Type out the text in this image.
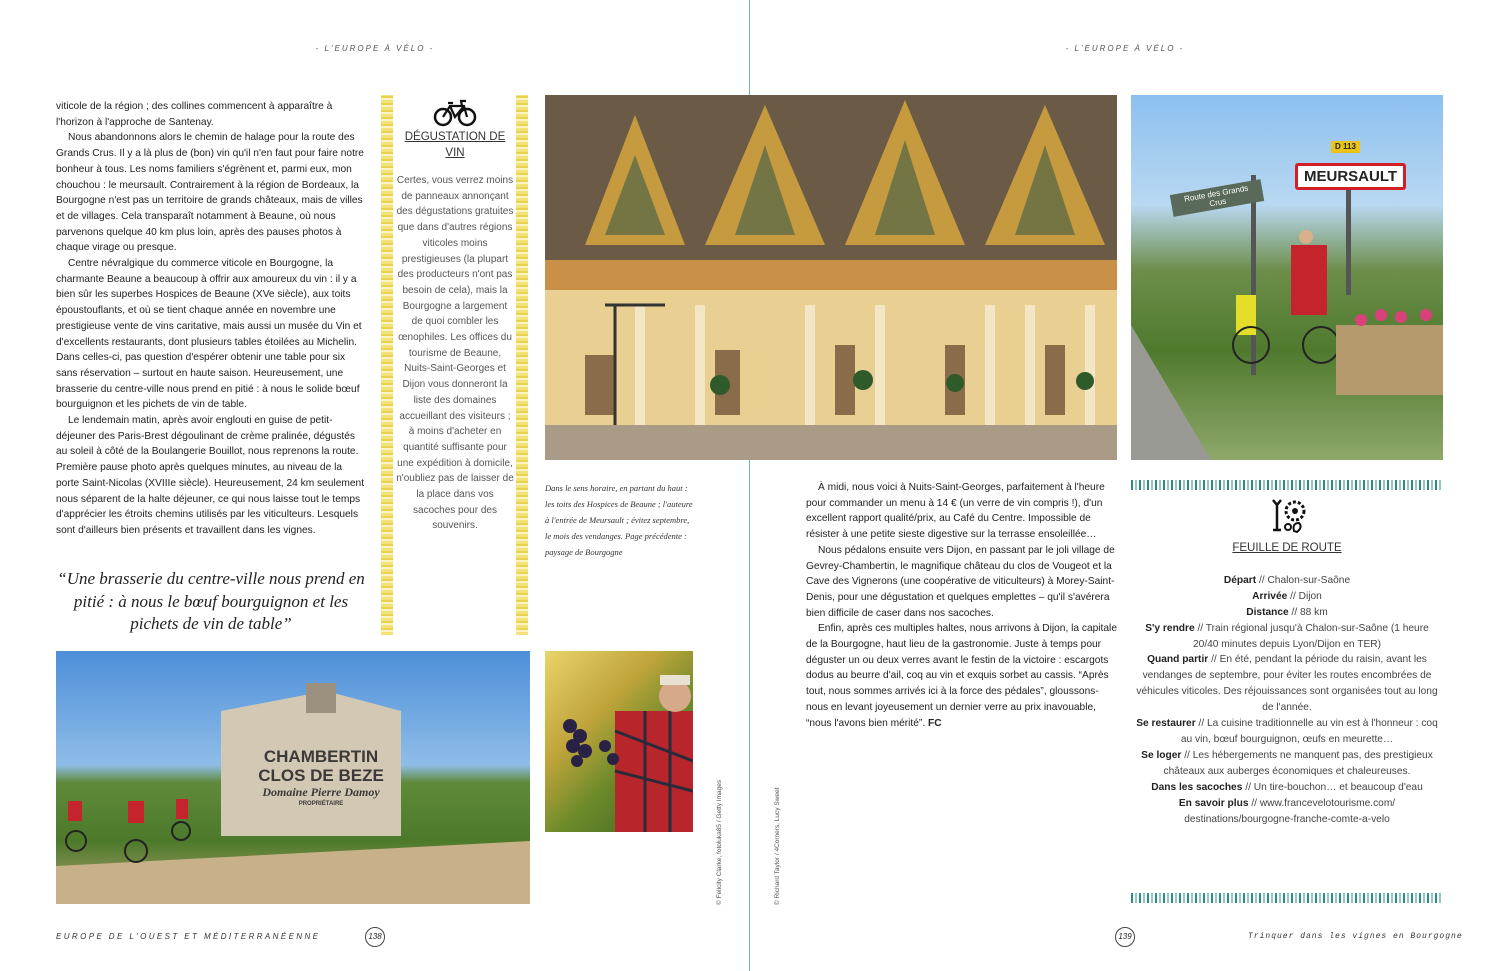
- L'EUROPE À VÉLO -	- L'EUROPE À VÉLO -

viticole de la région ; des collines commencent à apparaître à l'horizon à l'approche de Santenay.

Nous abandonnons alors le chemin de halage pour la route des Grands Crus. Il y a là plus de (bon) vin qu'il n'en faut pour faire notre bonheur à tous. Les noms familiers s'égrènent et, parmi eux, mon chouchou : le meursault. Contrairement à la région de Bordeaux, la Bourgogne n'est pas un territoire de grands châteaux, mais de villes et de villages. Cela transparaît notamment à Beaune, où nous parvenons quelque 40 km plus loin, après des pauses photos à chaque virage ou presque.

Centre névralgique du commerce viticole en Bourgogne, la charmante Beaune a beaucoup à offrir aux amoureux du vin : il y a bien sûr les superbes Hospices de Beaune (XVe siècle), aux toits époustouflants, et où se tient chaque année en novembre une prestigieuse vente de vins caritative, mais aussi un musée du Vin et d'excellents restaurants, dont plusieurs tables étoilées au Michelin. Dans celles-ci, pas question d'espérer obtenir une table pour six sans réservation – surtout en haute saison. Heureusement, une brasserie du centre-ville nous prend en pitié : à nous le solide bœuf bourguignon et les pichets de vin de table.

Le lendemain matin, après avoir englouti en guise de petit-déjeuner des Paris-Brest dégoulinant de crème pralinée, dégustés au soleil à côté de la Boulangerie Bouillot, nous reprenons la route. Première pause photo après quelques minutes, au niveau de la porte Saint-Nicolas (XVIIIe siècle). Heureusement, 24 km seulement nous séparent de la halte déjeuner, ce qui nous laisse tout le temps d'apprécier les étroits chemins utilisés par les viticulteurs. Lesquels sont d'ailleurs bien présents et travaillent dans les vignes.

“Une brasserie du centre-ville nous prend en pitié : à nous le bœuf bourguignon et les pichets de vin de table”
DÉGUSTATION DE VIN
Certes, vous verrez moins de panneaux annonçant des dégustations gratuites que dans d'autres régions viticoles moins prestigieuses (la plupart des producteurs n'ont pas besoin de cela), mais la Bourgogne a largement de quoi combler les œnophiles. Les offices du tourisme de Beaune, Nuits-Saint-Georges et Dijon vous donneront la liste des domaines accueillant des visiteurs ; à moins d'acheter en quantité suffisante pour une expédition à domicile, n'oubliez pas de laisser de la place dans vos sacoches pour des souvenirs.
MEURSAULT
D 113
Route des Grands Crus
Dans le sens horaire, en partant du haut : les toits des Hospices de Beaune ; l'auteure à l'entrée de Meursault ; évitez septembre, le mois des vendanges. Page précédente : paysage de Bourgogne
CHAMBERTIN
CLOS DE BEZE
Domaine Pierre Damoy
PROPRIÉTAIRE	© Felicity Clarke, fotoluka85 / Getty Images	© Richard Taylor / 4Corners, Lucy Sweet

À midi, nous voici à Nuits-Saint-Georges, parfaitement à l'heure pour commander un menu à 14 € (un verre de vin compris !), d'un excellent rapport qualité/prix, au Café du Centre. Impossible de résister à une petite sieste digestive sur la terrasse ensoleillée…

Nous pédalons ensuite vers Dijon, en passant par le joli village de Gevrey-Chambertin, le magnifique château du clos de Vougeot et la Cave des Vignerons (une coopérative de viticulteurs) à Morey-Saint-Denis, pour une dégustation et quelques emplettes – qu'il s'avérera bien difficile de caser dans nos sacoches.

Enfin, après ces multiples haltes, nous arrivons à Dijon, la capitale de la Bourgogne, haut lieu de la gastronomie. Juste à temps pour déguster un ou deux verres avant le festin de la victoire : escargots dodus au beurre d'ail, coq au vin et exquis sorbet au cassis. “Après tout, nous sommes arrivés ici à la force des pédales”, gloussons-nous en levant joyeusement un dernier verre au prix inavouable, “nous l'avons bien mérité”. FC

FEUILLE DE ROUTE
Départ // Chalon-sur-Saône
Arrivée // Dijon
Distance // 88 km
S'y rendre // Train régional jusqu'à Chalon-sur-Saône (1 heure 20/40 minutes depuis Lyon/Dijon en TER)
Quand partir // En été, pendant la période du raisin, avant les vendanges de septembre, pour éviter les routes encombrées de véhicules viticoles. Des réjouissances sont organisées tout au long de l'année.
Se restaurer // La cuisine traditionnelle au vin est à l'honneur : coq au vin, bœuf bourguignon, œufs en meurette…
Se loger // Les hébergements ne manquent pas, des prestigieux châteaux aux auberges économiques et chaleureuses.
Dans les sacoches // Un tire-bouchon… et beaucoup d'eau
En savoir plus // www.francevelotourisme.com/ destinations/bourgogne-franche-comte-a-velo
EUROPE DE L'OUEST ET MÉDITERRANÉENNE	138	139	Trinquer dans les vignes en Bourgogne
